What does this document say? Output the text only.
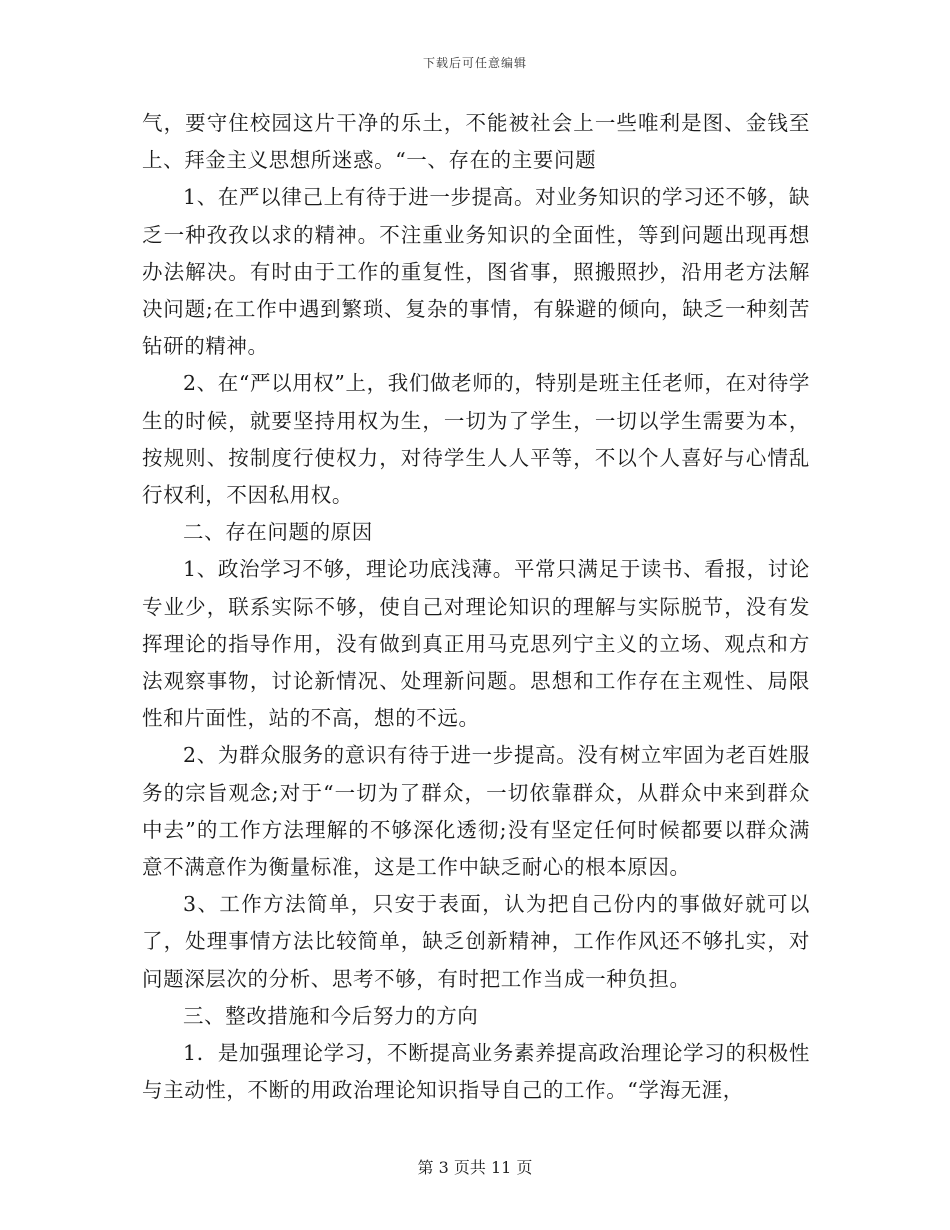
下载后可任意编辑

气，要守住校园这片干净的乐土，不能被社会上一些唯利是图、金钱至上、拜金主义思想所迷惑。“一、存在的主要问题

1、在严以律己上有待于进一步提高。对业务知识的学习还不够，缺乏一种孜孜以求的精神。不注重业务知识的全面性，等到问题出现再想办法解决。有时由于工作的重复性，图省事，照搬照抄，沿用老方法解决问题;在工作中遇到繁琐、复杂的事情，有躲避的倾向，缺乏一种刻苦钻研的精神。

2、在“严以用权”上，我们做老师的，特别是班主任老师，在对待学生的时候，就要坚持用权为生，一切为了学生，一切以学生需要为本，按规则、按制度行使权力，对待学生人人平等，不以个人喜好与心情乱行权利，不因私用权。

二、存在问题的原因

1、政治学习不够，理论功底浅薄。平常只满足于读书、看报，讨论专业少，联系实际不够，使自己对理论知识的理解与实际脱节，没有发挥理论的指导作用，没有做到真正用马克思列宁主义的立场、观点和方法观察事物，讨论新情况、处理新问题。思想和工作存在主观性、局限性和片面性，站的不高，想的不远。

2、为群众服务的意识有待于进一步提高。没有树立牢固为老百姓服务的宗旨观念;对于“一切为了群众，一切依靠群众，从群众中来到群众中去”的工作方法理解的不够深化透彻;没有坚定任何时候都要以群众满意不满意作为衡量标准，这是工作中缺乏耐心的根本原因。

3、工作方法简单，只安于表面，认为把自己份内的事做好就可以了，处理事情方法比较简单，缺乏创新精神，工作作风还不够扎实，对问题深层次的分析、思考不够，有时把工作当成一种负担。

三、整改措施和今后努力的方向

1．是加强理论学习，不断提高业务素养提高政治理论学习的积极性与主动性，不断的用政治理论知识指导自己的工作。“学海无涯，

第 3 页共 11 页
